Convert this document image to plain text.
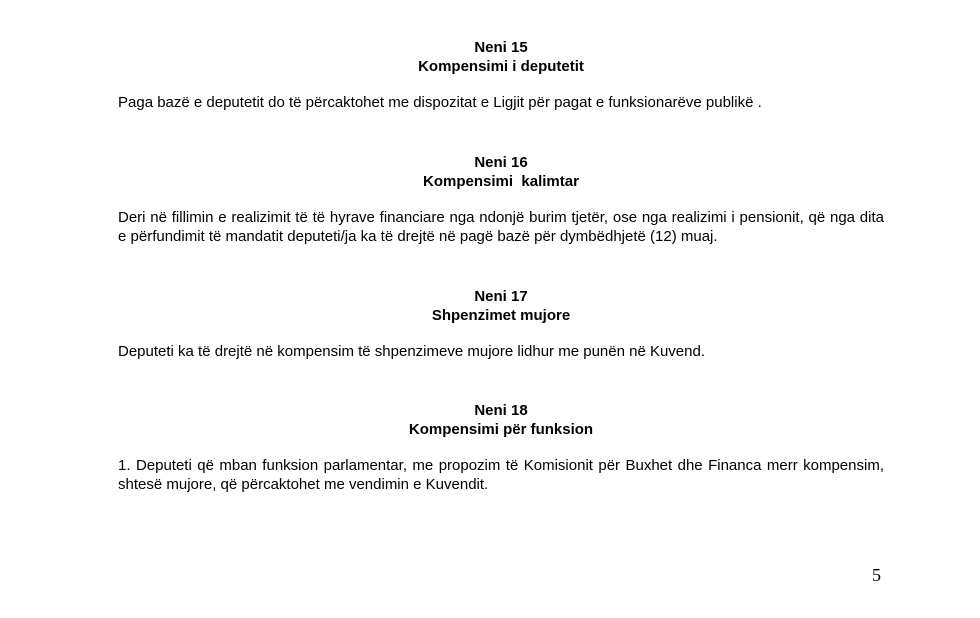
Neni 15
Kompensimi i deputetit
Paga bazë e deputetit do të përcaktohet me dispozitat e Ligjit për pagat e funksionarëve publikë .
Neni 16
Kompensimi  kalimtar
Deri në fillimin e realizimit të të hyrave financiare nga ndonjë burim tjetër, ose nga realizimi i pensionit, që nga dita e përfundimit të mandatit deputeti/ja ka të drejtë në pagë bazë për dymbëdhjetë (12) muaj.
Neni 17
Shpenzimet mujore
Deputeti ka të drejtë në kompensim të shpenzimeve mujore lidhur me punën në Kuvend.
Neni 18
Kompensimi për funksion
1. Deputeti që mban funksion parlamentar, me propozim të Komisionit për Buxhet dhe Financa merr kompensim, shtesë mujore, që përcaktohet me vendimin e Kuvendit.
5
